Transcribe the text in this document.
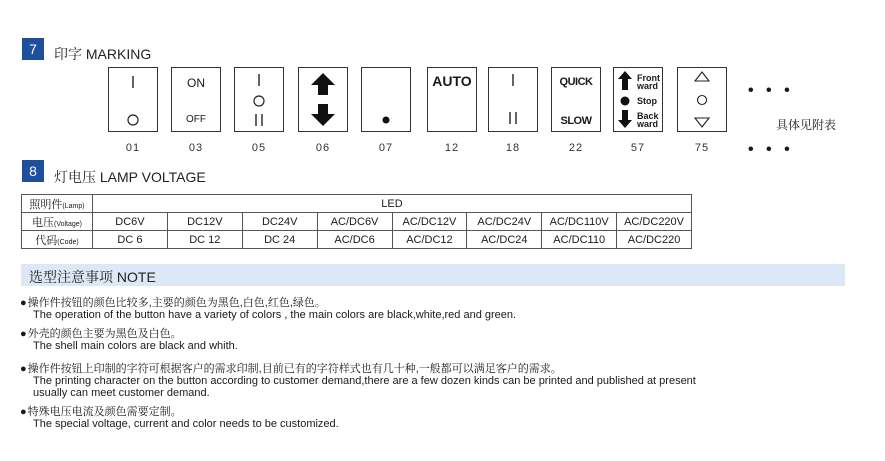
7	印字 MARKING
ON
OFF
AUTO	QUICK
SLOW
Front
ward
Stop
Back
ward
• • •
具体见附表
• • •
01	03	05	06	07	12	18	22	57	75
8	灯电压 LAMP VOLTAGE
照明件(Lamp)	LED							
电压(Voltage)	DC6V	DC12V	DC24V	AC/DC6V	AC/DC12V	AC/DC24V	AC/DC110V	AC/DC220V
代码(Code)	DC 6	DC 12	DC 24	AC/DC6	AC/DC12	AC/DC24	AC/DC110	AC/DC220
选型注意事项 NOTE
● 操作件按钮的颜色比较多,主要的颜色为黑色,白色,红色,绿色。
The operation of the button have a variety of colors , the main colors are black,white,red and green.
● 外壳的颜色主要为黑色及白色。
The shell main colors are black and whith.
● 操作件按钮上印制的字符可根据客户的需求印制,目前已有的字符样式也有几十种,一般都可以满足客户的需求。
The printing character on the button according to customer demand,there are a few dozen kinds can be printed and published at present
usually can meet customer demand.
● 特殊电压电流及颜色需要定制。
The special voltage, current and color needs to be customized.
